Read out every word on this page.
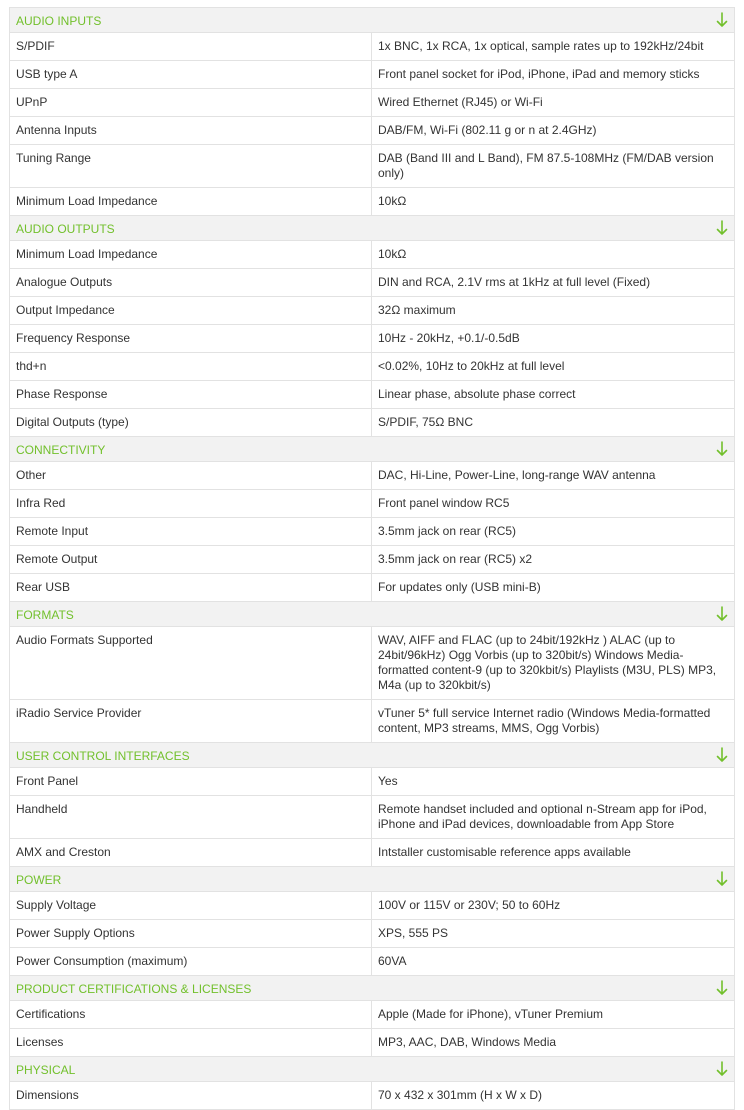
AUDIO INPUTS
S/PDIF	1x BNC, 1x RCA, 1x optical, sample rates up to 192kHz/24bit
USB type A	Front panel socket for iPod, iPhone, iPad and memory sticks
UPnP	Wired Ethernet (RJ45) or Wi-Fi
Antenna Inputs	DAB/FM, Wi-Fi (802.11 g or n at 2.4GHz)
Tuning Range	DAB (Band III and L Band), FM 87.5-108MHz (FM/DAB version only)
Minimum Load Impedance	10kΩ
AUDIO OUTPUTS
Minimum Load Impedance	10kΩ
Analogue Outputs	DIN and RCA, 2.1V rms at 1kHz at full level (Fixed)
Output Impedance	32Ω maximum
Frequency Response	10Hz - 20kHz, +0.1/-0.5dB
thd+n	<0.02%, 10Hz to 20kHz at full level
Phase Response	Linear phase, absolute phase correct
Digital Outputs (type)	S/PDIF, 75Ω BNC
CONNECTIVITY
Other	DAC, Hi-Line, Power-Line, long-range WAV antenna
Infra Red	Front panel window RC5
Remote Input	3.5mm jack on rear (RC5)
Remote Output	3.5mm jack on rear (RC5) x2
Rear USB	For updates only (USB mini-B)
FORMATS
Audio Formats Supported	WAV, AIFF and FLAC (up to 24bit/192kHz ) ALAC (up to 24bit/96kHz) Ogg Vorbis (up to 320bit/s) Windows Media-formatted content-9 (up to 320kbit/s) Playlists (M3U, PLS) MP3, M4a (up to 320kbit/s)
iRadio Service Provider	vTuner 5* full service Internet radio (Windows Media-formatted content, MP3 streams, MMS, Ogg Vorbis)
USER CONTROL INTERFACES
Front Panel	Yes
Handheld	Remote handset included and optional n-Stream app for iPod, iPhone and iPad devices, downloadable from App Store
AMX and Creston	Intstaller customisable reference apps available
POWER
Supply Voltage	100V or 115V or 230V; 50 to 60Hz
Power Supply Options	XPS, 555 PS
Power Consumption (maximum)	60VA
PRODUCT CERTIFICATIONS & LICENSES
Certifications	Apple (Made for iPhone), vTuner Premium
Licenses	MP3, AAC, DAB, Windows Media
PHYSICAL
Dimensions	70 x 432 x 301mm (H x W x D)
